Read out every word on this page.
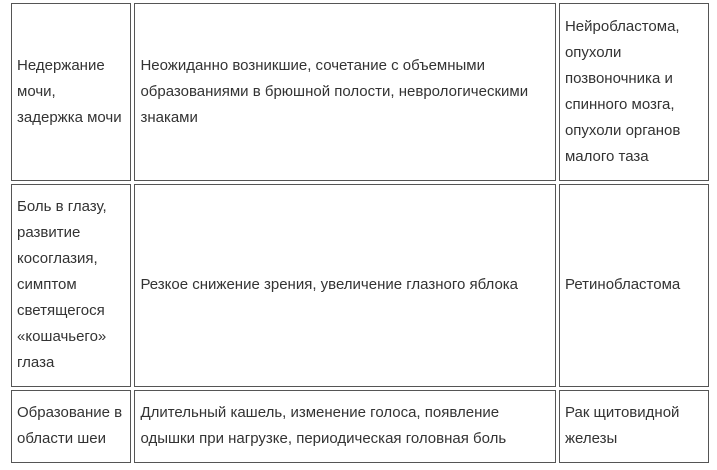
Недержание мочи, задержка мочи	Неожиданно возникшие, сочетание с объемными образованиями в брюшной полости, неврологическими знаками	Нейробластома, опухоли позвоночника и спинного мозга, опухоли органов малого таза
Боль в глазу, развитие косоглазия, симптом светящегося «кошачьего» глаза	Резкое снижение зрения, увеличение глазного яблока	Ретинобластома
Образование в области шеи	Длительный кашель, изменение голоса, появление одышки при нагрузке, периодическая головная боль	Рак щитовидной железы
